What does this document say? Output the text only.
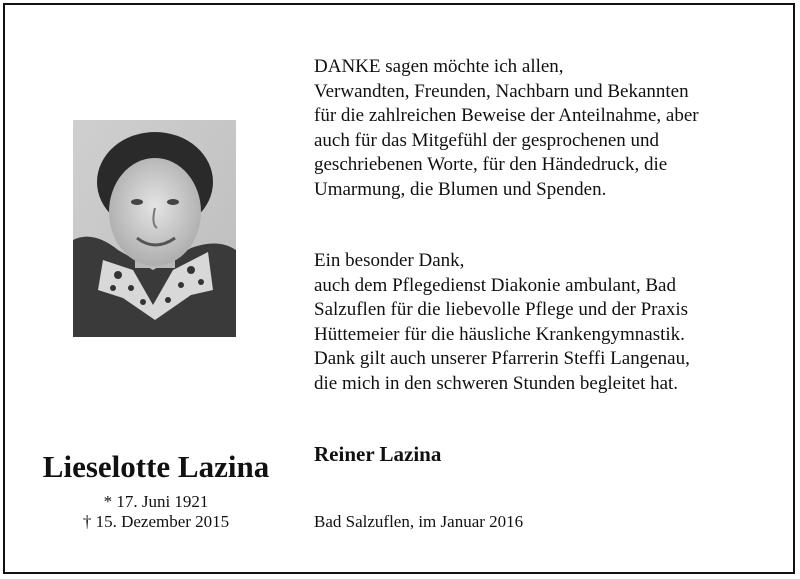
Lieselotte Lazina
* 17. Juni 1921
† 15. Dezember 2015
DANKE sagen möchte ich allen,
Verwandten, Freunden, Nachbarn und Bekannten
für die zahlreichen Beweise der Anteilnahme, aber
auch für das Mitgefühl der gesprochenen und
geschriebenen Worte, für den Händedruck, die
Umarmung, die Blumen und Spenden.
Ein besonder Dank,
auch dem Pflegedienst Diakonie ambulant, Bad
Salzuflen für die liebevolle Pflege und der Praxis
Hüttemeier für die häusliche Krankengymnastik.
Dank gilt auch unserer Pfarrerin Steffi Langenau,
die mich in den schweren Stunden begleitet hat.
Reiner Lazina
Bad Salzuflen, im Januar 2016
